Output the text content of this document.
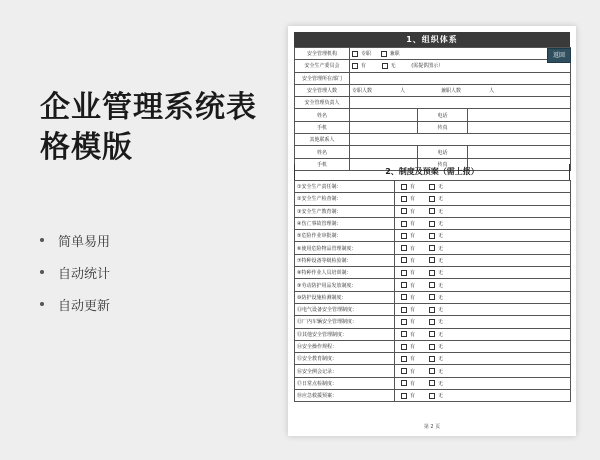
企业管理系统表
格模版
简单易用
自动统计
自动更新
1、组织体系
安全管理机构	专职 兼职		
安全生产委员会	有 无 (需提供图示）		
安全管理所在部门			
安全管理人数	专职人数 人 兼职人数 人		
安全管理负责人			
姓名		电话	
手机		传真	
其他联系人			
姓名		电话	
手机		传真	
2、制度及预案（需上报）
①安全生产责任制：	有 无
②安全生产检查制：	有 无
③安全生产教育制：	有 无
④伤亡事故管理制：	有 无
⑤危险作业审批制：	有 无
⑥使用危险物品管理制度：	有 无
⑦特种设备等级检验制：	有 无
⑧特种作业人员培训制：	有 无
⑨劳动防护用品发放制度：	有 无
⑩防护设施检测制度：	有 无
⑪电气设备安全管理制度：	有 无
⑫厂内车辆安全管理制度：	有 无
⑬其他安全管理制度：	有 无
⑭安全操作规程：	有 无
⑮安全教育制度：	有 无
⑯安全例会记录：	有 无
⑰日常点检制度：	有 无
⑱应急救援预案：	有 无
第 2 页
返回
